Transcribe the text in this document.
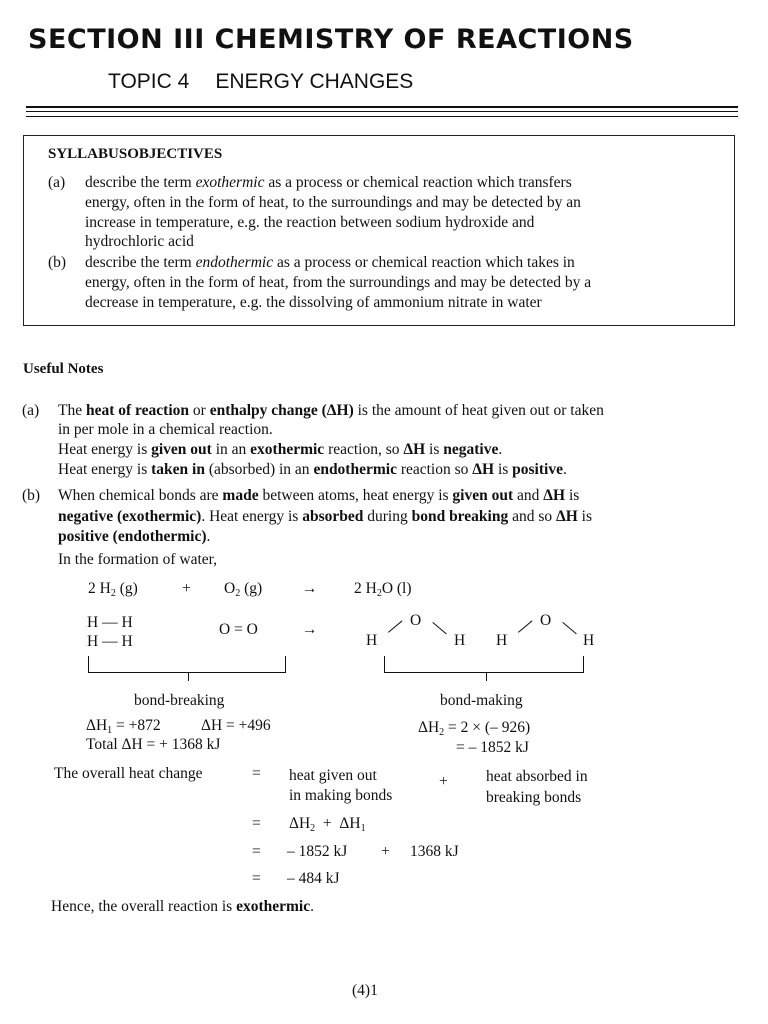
SECTION III CHEMISTRY OF REACTIONS
TOPIC 4 ENERGY CHANGES
SYLLABUSOBJECTIVES
(a) describe the term exothermic as a process or chemical reaction which transfers
energy, often in the form of heat, to the surroundings and may be detected by an
increase in temperature, e.g. the reaction between sodium hydroxide and
hydrochloric acid
(b) describe the term endothermic as a process or chemical reaction which takes in
energy, often in the form of heat, from the surroundings and may be detected by a
decrease in temperature, e.g. the dissolving of ammonium nitrate in water
Useful Notes
(a) The heat of reaction or enthalpy change (ΔH) is the amount of heat given out or taken
in per mole in a chemical reaction.
Heat energy is given out in an exothermic reaction, so ΔH is negative.
Heat energy is taken in (absorbed) in an endothermic reaction so ΔH is positive.
(b) When chemical bonds are made between atoms, heat energy is given out and ΔH is
negative (exothermic). Heat energy is absorbed during bond breaking and so ΔH is
positive (endothermic).
In the formation of water,
2 $H_2$ (g)	+ $O_2$ (g)	→ 2 $H_2O$ (l)
H — H
H — H
O = O	→
H
O
H H
O
H
bond-breaking
$\Delta H_1 = +872$	ΔH = +496
Total ΔH = + 1368 kJ
bond-making
$\Delta H_2 = 2$ × (– 926)
= – 1852 kJ
The overall heat change	= heat given out
in making bonds
+ heat absorbed in
breaking bonds
= $\Delta H_2 + \Delta H_1$
= – 1852 kJ + 1368 kJ
= – 484 kJ
Hence, the overall reaction is exothermic.
(4)1
